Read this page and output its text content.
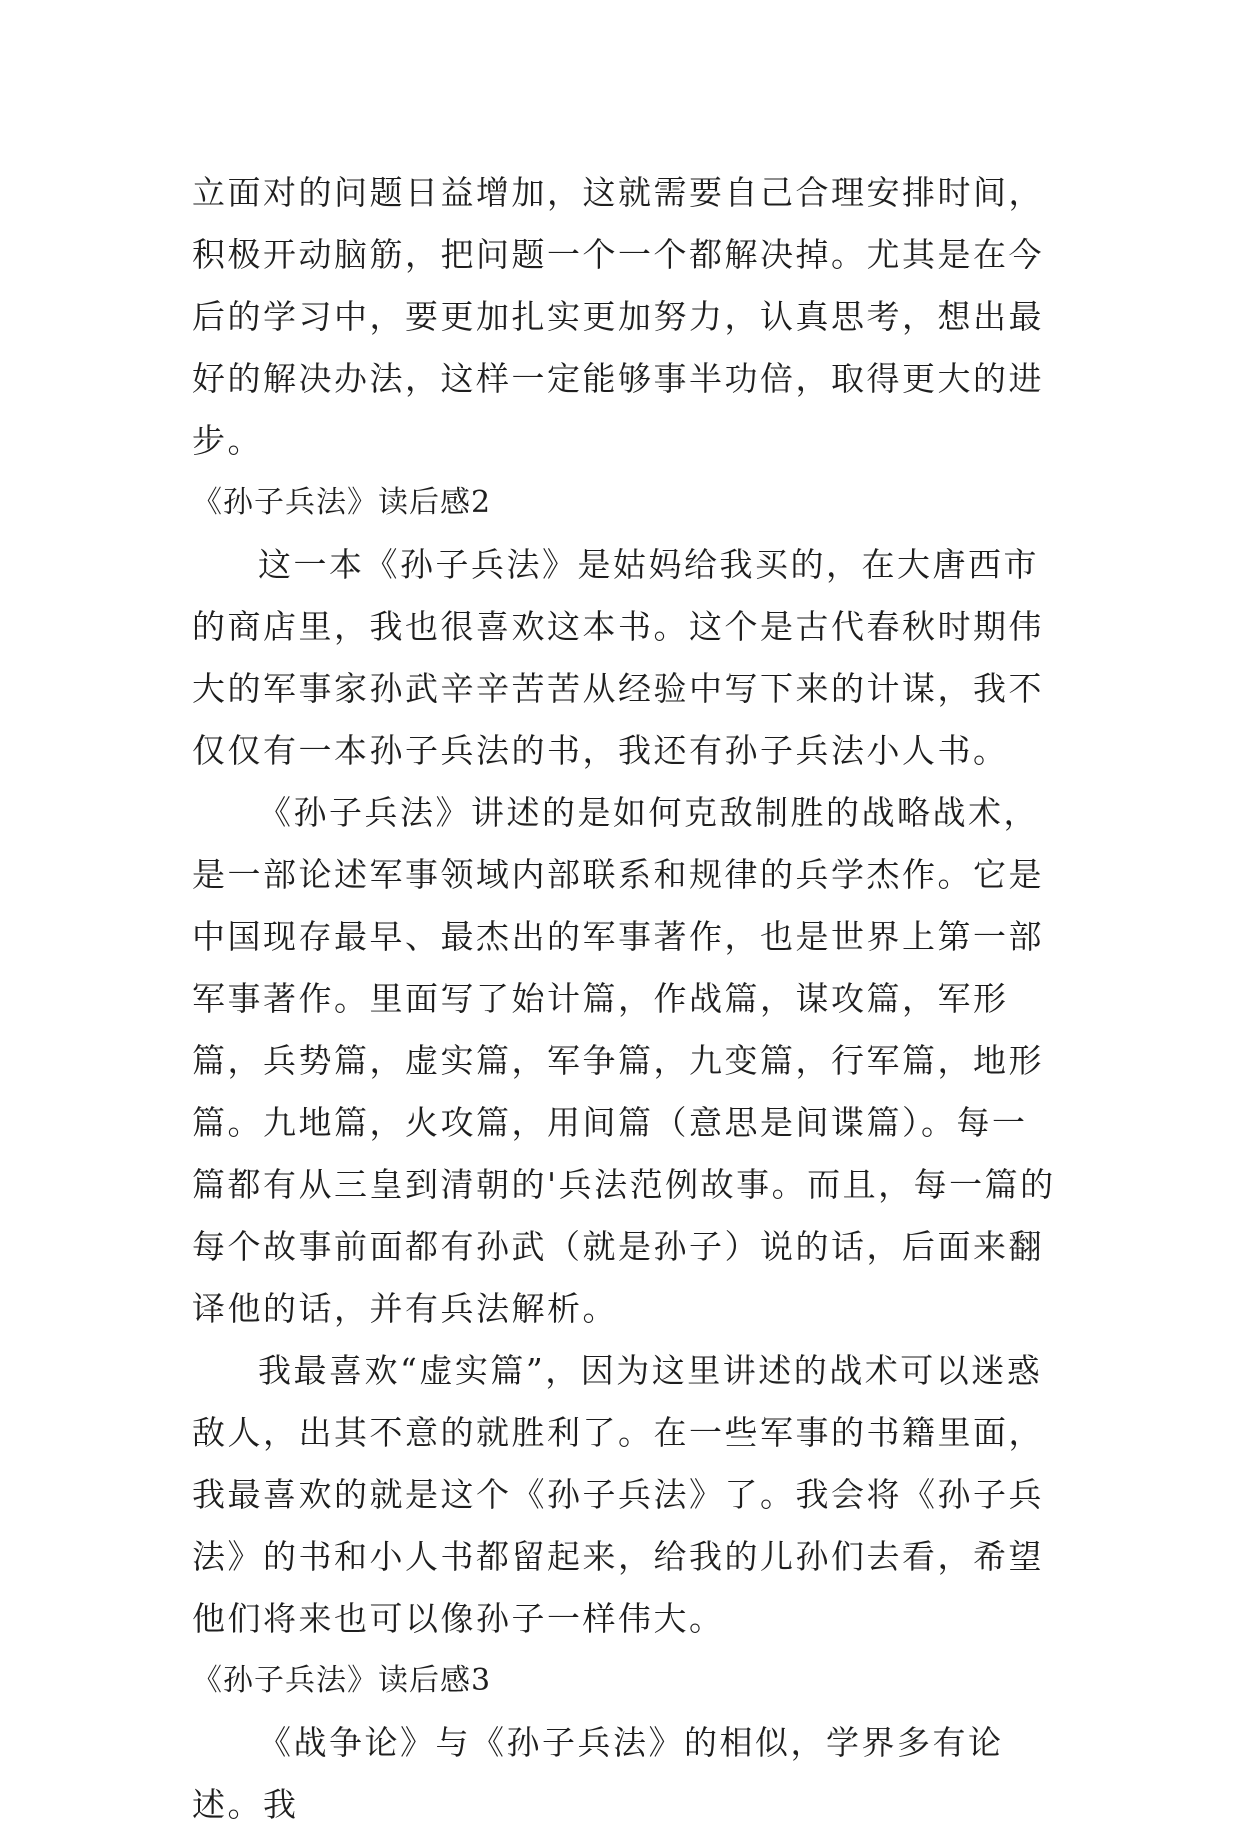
立面对的问题日益增加，这就需要自己合理安排时间，积极开动脑筋，把问题一个一个都解决掉。尤其是在今后的学习中，要更加扎实更加努力，认真思考，想出最好的解决办法，这样一定能够事半功倍，取得更大的进步。

《孙子兵法》读后感2

这一本《孙子兵法》是姑妈给我买的，在大唐西市的商店里，我也很喜欢这本书。这个是古代春秋时期伟大的军事家孙武辛辛苦苦从经验中写下来的计谋，我不仅仅有一本孙子兵法的书，我还有孙子兵法小人书。

《孙子兵法》讲述的是如何克敌制胜的战略战术，是一部论述军事领域内部联系和规律的兵学杰作。它是中国现存最早、最杰出的军事著作，也是世界上第一部军事著作。里面写了始计篇，作战篇，谋攻篇，军形篇，兵势篇，虚实篇，军争篇，九变篇，行军篇，地形篇。九地篇，火攻篇，用间篇（意思是间谍篇）。每一篇都有从三皇到清朝的'兵法范例故事。而且，每一篇的每个故事前面都有孙武（就是孙子）说的话，后面来翻译他的话，并有兵法解析。

我最喜欢“虚实篇”，因为这里讲述的战术可以迷惑敌人，出其不意的就胜利了。在一些军事的书籍里面，我最喜欢的就是这个《孙子兵法》了。我会将《孙子兵法》的书和小人书都留起来，给我的儿孙们去看，希望他们将来也可以像孙子一样伟大。

《孙子兵法》读后感3

《战争论》与《孙子兵法》的相似，学界多有论述。我
